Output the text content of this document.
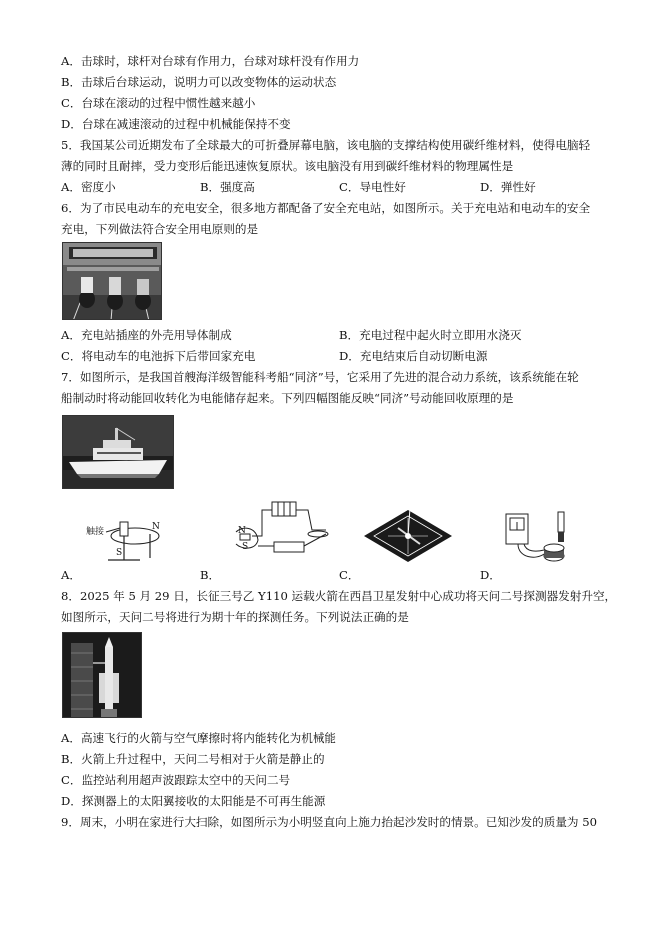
A．击球时，球杆对台球有作用力，台球对球杆没有作用力
B．击球后台球运动，说明力可以改变物体的运动状态
C．台球在滚动的过程中惯性越来越小
D．台球在减速滚动的过程中机械能保持不变
5．我国某公司近期发布了全球最大的可折叠屏幕电脑，该电脑的支撑结构使用碳纤维材料，使得电脑轻
薄的同时且耐摔，受力变形后能迅速恢复原状。该电脑没有用到碳纤维材料的物理属性是
A．密度小	B．强度高	C．导电性好	D．弹性好
6．为了市民电动车的充电安全，很多地方都配备了安全充电站，如图所示。关于充电站和电动车的安全
充电，下列做法符合安全用电原则的是
A．充电站插座的外壳用导体制成	B．充电过程中起火时立即用水浇灭
C．将电动车的电池拆下后带回家充电	D．充电结束后自动切断电源
7．如图所示，是我国首艘海洋级智能科考船“同济”号，它采用了先进的混合动力系统，该系统能在轮
船制动时将动能回收转化为电能储存起来。下列四幅图能反映“同济”号动能回收原理的是
触接	N
S
A．
N
S
B．	C．	D．
8．2025 年 5 月 29 日，长征三号乙 Y110 运载火箭在西昌卫星发射中心成功将天问二号探测器发射升空，
如图所示，天问二号将进行为期十年的探测任务。下列说法正确的是
A．高速飞行的火箭与空气摩擦时将内能转化为机械能
B．火箭上升过程中，天问二号相对于火箭是静止的
C．监控站利用超声波跟踪太空中的天问二号
D．探测器上的太阳翼接收的太阳能是不可再生能源
9．周末，小明在家进行大扫除，如图所示为小明竖直向上施力抬起沙发时的情景。已知沙发的质量为 50
